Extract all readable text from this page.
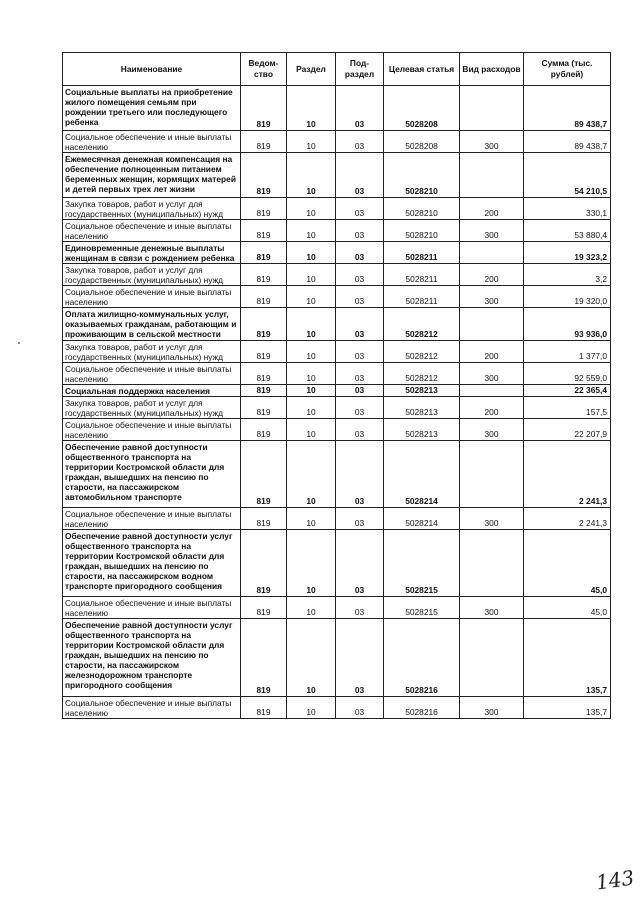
Наименование	Ведом-ство	Раздел	Под-раздел	Целевая статья	Вид расходов	Сумма (тыс. рублей)
Социальные выплаты на приобретение жилого помещения семьям при рождении третьего или последующего ребенка	819	10	03	5028208		89 438,7
Социальное обеспечение и иные выплаты населению	819	10	03	5028208	300	89 438,7
Ежемесячная денежная компенсация на обеспечение полноценным питанием беременных женщин, кормящих матерей и детей первых трех лет жизни	819	10	03	5028210		54 210,5
Закупка товаров, работ и услуг для государственных (муниципальных) нужд	819	10	03	5028210	200	330,1
Социальное обеспечение и иные выплаты населению	819	10	03	5028210	300	53 880,4
Единовременные денежные выплаты женщинам в связи с рождением ребенка	819	10	03	5028211		19 323,2
Закупка товаров, работ и услуг для государственных (муниципальных) нужд	819	10	03	5028211	200	3,2
Социальное обеспечение и иные выплаты населению	819	10	03	5028211	300	19 320,0
Оплата жилищно-коммунальных услуг, оказываемых гражданам, работающим и проживающим в сельской местности	819	10	03	5028212		93 936,0
Закупка товаров, работ и услуг для государственных (муниципальных) нужд	819	10	03	5028212	200	1 377,0
Социальное обеспечение и иные выплаты населению	819	10	03	5028212	300	92 559,0
Социальная поддержка населения	819	10	03	5028213		22 365,4
Закупка товаров, работ и услуг для государственных (муниципальных) нужд	819	10	03	5028213	200	157,5
Социальное обеспечение и иные выплаты населению	819	10	03	5028213	300	22 207,9
Обеспечение равной доступности общественного транспорта на территории Костромской области для граждан, вышедших на пенсию по старости, на пассажирском автомобильном транспорте	819	10	03	5028214		2 241,3
Социальное обеспечение и иные выплаты населению	819	10	03	5028214	300	2 241,3
Обеспечение равной доступности услуг общественного транспорта на территории Костромской области для граждан, вышедших на пенсию по старости, на пассажирском водном транспорте пригородного сообщения	819	10	03	5028215		45,0
Социальное обеспечение и иные выплаты населению	819	10	03	5028215	300	45,0
Обеспечение равной доступности услуг общественного транспорта на территории Костромской области для граждан, вышедших на пенсию по старости, на пассажирском железнодорожном транспорте пригородного сообщения	819	10	03	5028216		135,7
Социальное обеспечение и иные выплаты населению	819	10	03	5028216	300	135,7
143
